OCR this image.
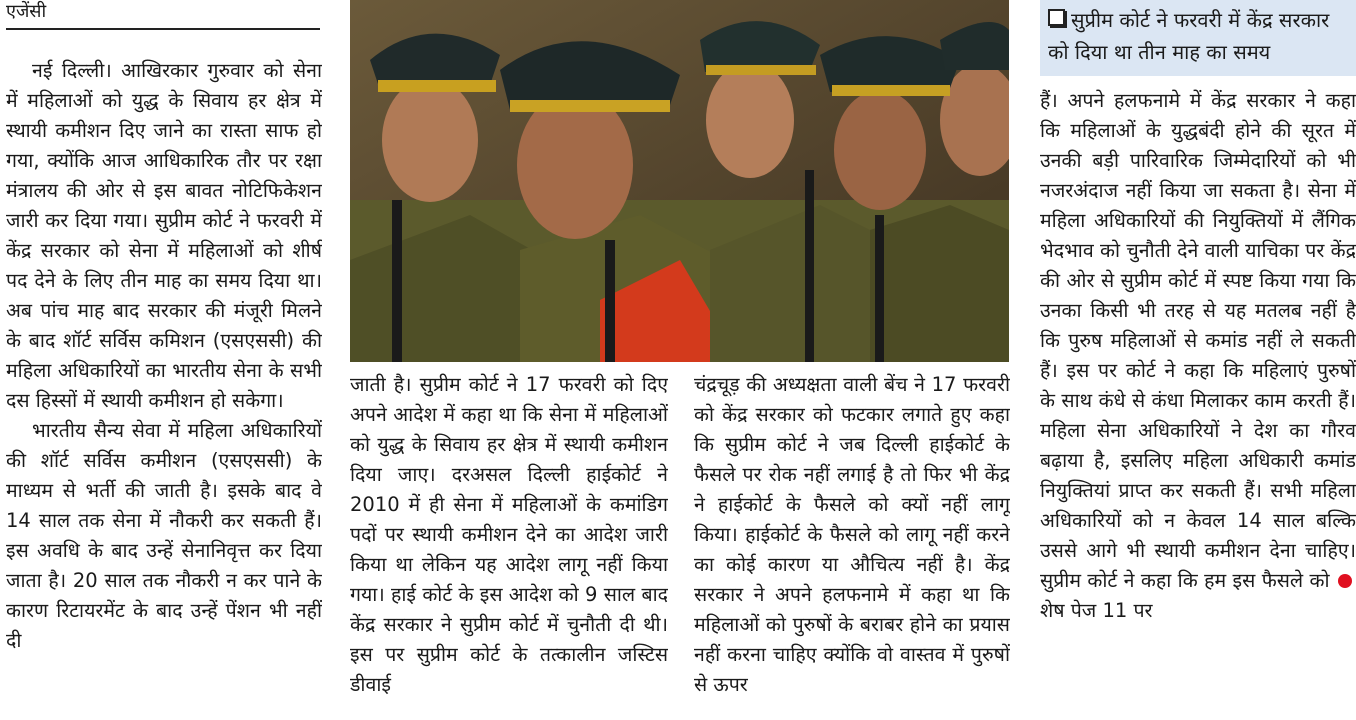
एजेंसी

नई दिल्ली। आखिरकार गुरुवार को सेना में महिलाओं को युद्ध के सिवाय हर क्षेत्र में स्थायी कमीशन दिए जाने का रास्ता साफ हो गया, क्योंकि आज आधिकारिक तौर पर रक्षा मंत्रालय की ओर से इस बावत नोटिफिकेशन जारी कर दिया गया। सुप्रीम कोर्ट ने फरवरी में केंद्र सरकार को सेना में महिलाओं को शीर्ष पद देने के लिए तीन माह का समय दिया था। अब पांच माह बाद सरकार की मंजूरी मिलने के बाद शॉर्ट सर्विस कमिशन (एसएससी) की महिला अधिकारियों का भारतीय सेना के सभी दस हिस्सों में स्थायी कमीशन हो सकेगा।

भारतीय सैन्य सेवा में महिला अधिकारियों की शॉर्ट सर्विस कमीशन (एसएससी) के माध्यम से भर्ती की जाती है। इसके बाद वे 14 साल तक सेना में नौकरी कर सकती हैं। इस अवधि के बाद उन्हें सेनानिवृत्त कर दिया जाता है। 20 साल तक नौकरी न कर पाने के कारण रिटायरमेंट के बाद उन्हें पेंशन भी नहीं दी

जाती है। सुप्रीम कोर्ट ने 17 फरवरी को दिए अपने आदेश में कहा था कि सेना में महिलाओं को युद्ध के सिवाय हर क्षेत्र में स्थायी कमीशन दिया जाए। दरअसल दिल्ली हाईकोर्ट ने 2010 में ही सेना में महिलाओं के कमांडिग पदों पर स्थायी कमीशन देने का आदेश जारी किया था लेकिन यह आदेश लागू नहीं किया गया। हाई कोर्ट के इस आदेश को 9 साल बाद केंद्र सरकार ने सुप्रीम कोर्ट में चुनौती दी थी। इस पर सुप्रीम कोर्ट के तत्कालीन जस्टिस डीवाई
चंद्रचूड़ की अध्यक्षता वाली बेंच ने 17 फरवरी को केंद्र सरकार को फटकार लगाते हुए कहा कि सुप्रीम कोर्ट ने जब दिल्ली हाईकोर्ट के फैसले पर रोक नहीं लगाई है तो फिर भी केंद्र ने हाईकोर्ट के फैसले को क्यों नहीं लागू किया। हाईकोर्ट के फैसले को लागू नहीं करने का कोई कारण या औचित्य नहीं है। केंद्र सरकार ने अपने हलफनामे में कहा था कि महिलाओं को पुरुषों के बराबर होने का प्रयास नहीं करना चाहिए क्योंकि वो वास्तव में पुरुषों से ऊपर
सुप्रीम कोर्ट ने फरवरी में केंद्र सरकार को दिया था तीन माह का समय
हैं। अपने हलफनामे में केंद्र सरकार ने कहा कि महिलाओं के युद्धबंदी होने की सूरत में उनकी बड़ी पारिवारिक जिम्मेदारियों को भी नजरअंदाज नहीं किया जा सकता है। सेना में महिला अधिकारियों की नियुक्तियों में लैंगिक भेदभाव को चुनौती देने वाली याचिका पर केंद्र की ओर से सुप्रीम कोर्ट में स्पष्ट किया गया कि उनका किसी भी तरह से यह मतलब नहीं है कि पुरुष महिलाओं से कमांड नहीं ले सकती हैं। इस पर कोर्ट ने कहा कि महिलाएं पुरुषों के साथ कंधे से कंधा मिलाकर काम करती हैं। महिला सेना अधिकारियों ने देश का गौरव बढ़ाया है, इसलिए महिला अधिकारी कमांड नियुक्तियां प्राप्त कर सकती हैं। सभी महिला अधिकारियों को न केवल 14 साल बल्कि उससे आगे भी स्थायी कमीशन देना चाहिए। सुप्रीम कोर्ट ने कहा कि हम इस फैसले को शेष पेज 11 पर
